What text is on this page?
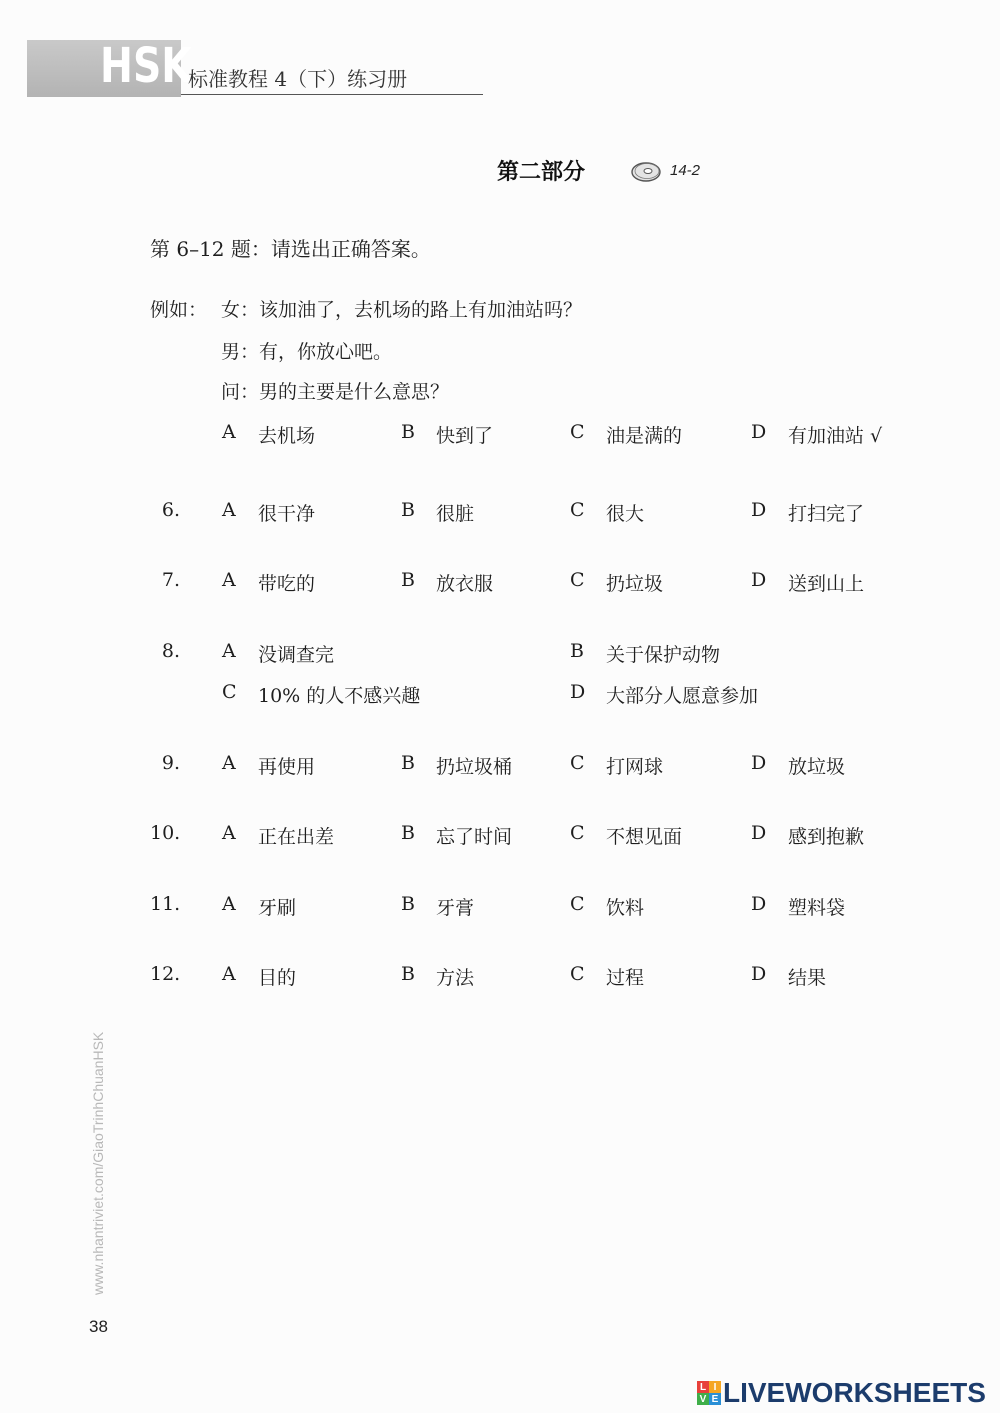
HSK
标准教程 4（下）练习册
第二部分	14-2
第 6–12 题：请选出正确答案。
例如： 女：该加油了，去机场的路上有加油站吗？
男：有，你放心吧。
问：男的主要是什么意思？
A 去机场	B 快到了	C 油是满的	D 有加油站 √
6. A 很干净	B 很脏	C 很大	D 打扫完了
7. A 带吃的	B 放衣服	C 扔垃圾	D 送到山上
8. A 没调查完	B 关于保护动物
C 10% 的人不感兴趣	D 大部分人愿意参加
9. A 再使用	B 扔垃圾桶	C 打网球	D 放垃圾
10. A 正在出差	B 忘了时间	C 不想见面	D 感到抱歉
11. A 牙刷	B 牙膏	C 饮料	D 塑料袋
12. A 目的	B 方法	C 过程	D 结果
www.nhantriviet.com/GiaoTrinhChuanHSK
38
L I
V E LIVEWORKSHEETS
